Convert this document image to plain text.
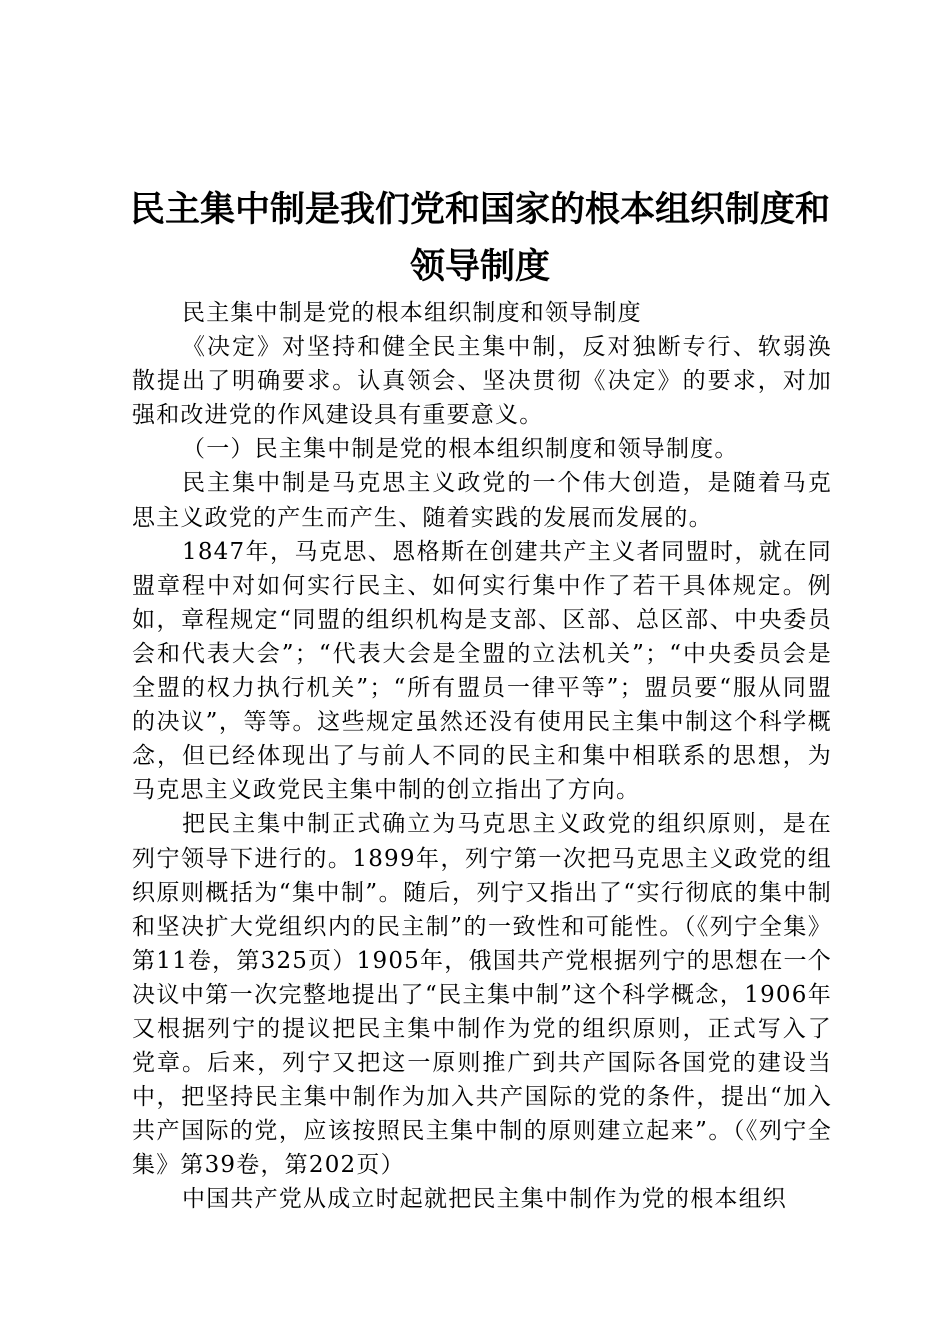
民主集中制是我们党和国家的根本组织制度和
领导制度

民主集中制是党的根本组织制度和领导制度

《决定》对坚持和健全民主集中制，反对独断专行、软弱涣散提出了明确要求。认真领会、坚决贯彻《决定》的要求，对加强和改进党的作风建设具有重要意义。

（一）民主集中制是党的根本组织制度和领导制度。

民主集中制是马克思主义政党的一个伟大创造，是随着马克思主义政党的产生而产生、随着实践的发展而发展的。

1847年，马克思、恩格斯在创建共产主义者同盟时，就在同盟章程中对如何实行民主、如何实行集中作了若干具体规定。例如，章程规定“同盟的组织机构是支部、区部、总区部、中央委员会和代表大会”；“代表大会是全盟的立法机关”；“中央委员会是全盟的权力执行机关”；“所有盟员一律平等”；盟员要“服从同盟的决议”，等等。这些规定虽然还没有使用民主集中制这个科学概念，但已经体现出了与前人不同的民主和集中相联系的思想，为马克思主义政党民主集中制的创立指出了方向。

把民主集中制正式确立为马克思主义政党的组织原则，是在列宁领导下进行的。1899年，列宁第一次把马克思主义政党的组织原则概括为“集中制”。随后，列宁又指出了“实行彻底的集中制和坚决扩大党组织内的民主制”的一致性和可能性。（《列宁全集》第11卷，第325页）1905年，俄国共产党根据列宁的思想在一个决议中第一次完整地提出了“民主集中制”这个科学概念，1906年又根据列宁的提议把民主集中制作为党的组织原则，正式写入了党章。后来，列宁又把这一原则推广到共产国际各国党的建设当中，把坚持民主集中制作为加入共产国际的党的条件，提出“加入共产国际的党，应该按照民主集中制的原则建立起来”。（《列宁全集》第39卷，第202页）

中国共产党从成立时起就把民主集中制作为党的根本组织
